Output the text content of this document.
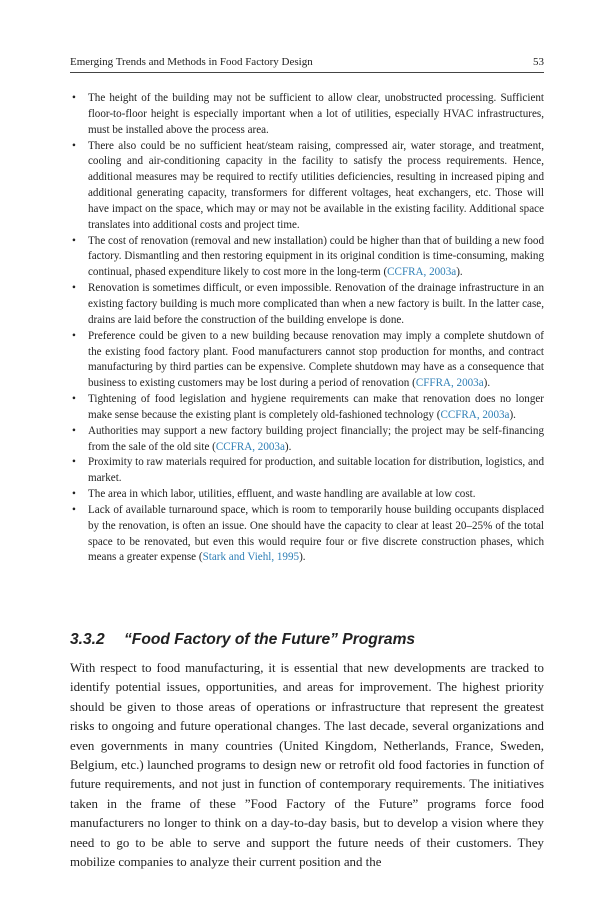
Emerging Trends and Methods in Food Factory Design	53
• The height of the building may not be sufficient to allow clear, unobstructed processing. Sufficient floor-to-floor height is especially important when a lot of utilities, especially HVAC infrastructures, must be installed above the process area.
• There also could be no sufficient heat/steam raising, compressed air, water storage, and treatment, cooling and air-conditioning capacity in the facility to satisfy the process requirements. Hence, additional measures may be required to rectify utilities deficiencies, resulting in increased piping and additional generating capacity, transformers for different voltages, heat exchangers, etc. Those will have impact on the space, which may or may not be available in the existing facility. Additional space translates into additional costs and project time.
• The cost of renovation (removal and new installation) could be higher than that of building a new food factory. Dismantling and then restoring equipment in its original condition is time-consuming, making continual, phased expenditure likely to cost more in the long-term (CCFRA, 2003a).
• Renovation is sometimes difficult, or even impossible. Renovation of the drainage infrastructure in an existing factory building is much more complicated than when a new factory is built. In the latter case, drains are laid before the construction of the building envelope is done.
• Preference could be given to a new building because renovation may imply a complete shutdown of the existing food factory plant. Food manufacturers cannot stop production for months, and contract manufacturing by third parties can be expensive. Complete shutdown may have as a consequence that business to existing customers may be lost during a period of renovation (CFFRA, 2003a).
• Tightening of food legislation and hygiene requirements can make that renovation does no longer make sense because the existing plant is completely old-fashioned technology (CCFRA, 2003a).
• Authorities may support a new factory building project financially; the project may be self-financing from the sale of the old site (CCFRA, 2003a).
• Proximity to raw materials required for production, and suitable location for distribution, logistics, and market.
• The area in which labor, utilities, effluent, and waste handling are available at low cost.
• Lack of available turnaround space, which is room to temporarily house building occupants displaced by the renovation, is often an issue. One should have the capacity to clear at least 20–25% of the total space to be renovated, but even this would require four or five discrete construction phases, which means a greater expense (Stark and Viehl, 1995).
3.3.2 “Food Factory of the Future” Programs

With respect to food manufacturing, it is essential that new developments are tracked to identify potential issues, opportunities, and areas for improvement. The highest priority should be given to those areas of operations or infrastructure that represent the greatest risks to ongoing and future operational changes. The last decade, several organizations and even governments in many countries (United Kingdom, Netherlands, France, Sweden, Belgium, etc.) launched programs to design new or retrofit old food factories in function of future requirements, and not just in function of contemporary requirements. The initiatives taken in the frame of these ”Food Factory of the Future” programs force food manufacturers no longer to think on a day-to-day basis, but to develop a vision where they need to go to be able to serve and support the future needs of their customers. They mobilize companies to analyze their current position and the
